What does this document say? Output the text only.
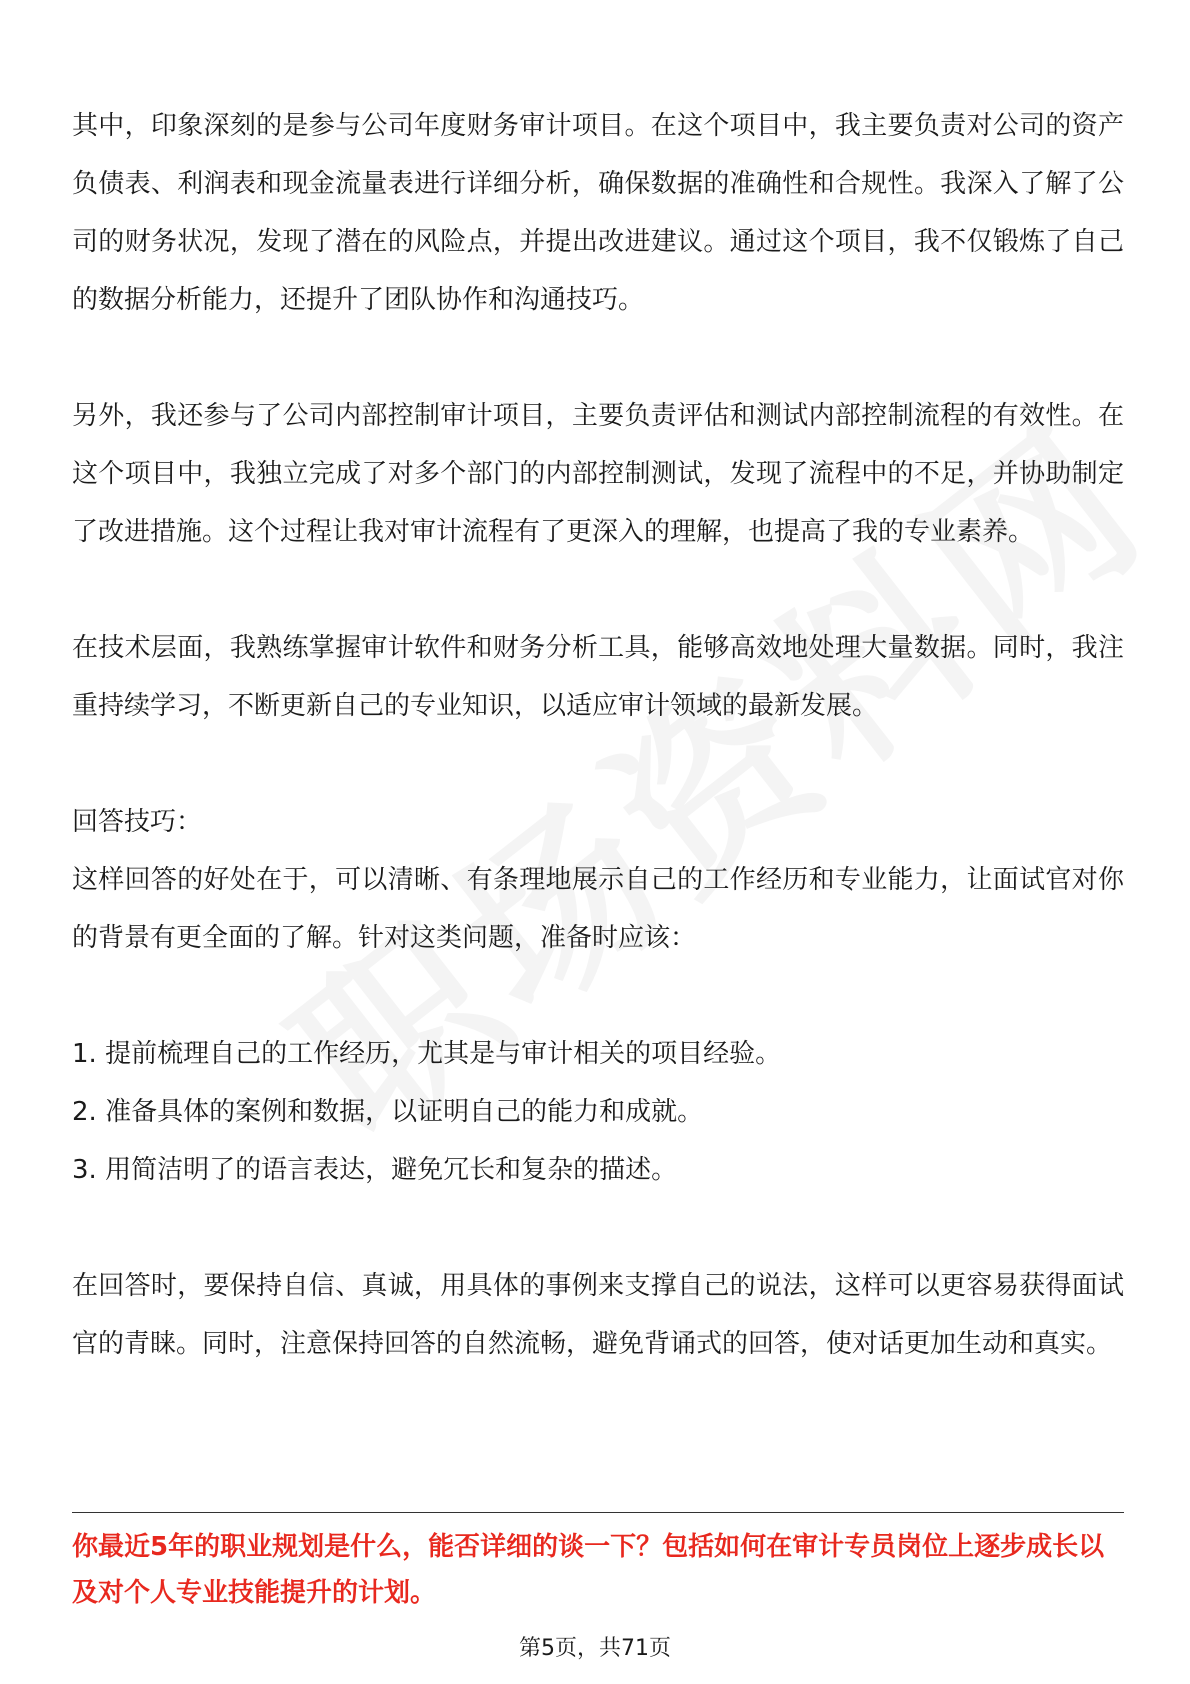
其中，印象深刻的是参与公司年度财务审计项目。在这个项目中，我主要负责对公司的资产负债表、利润表和现金流量表进行详细分析，确保数据的准确性和合规性。我深入了解了公司的财务状况，发现了潜在的风险点，并提出改进建议。通过这个项目，我不仅锻炼了自己的数据分析能力，还提升了团队协作和沟通技巧。

另外，我还参与了公司内部控制审计项目，主要负责评估和测试内部控制流程的有效性。在这个项目中，我独立完成了对多个部门的内部控制测试，发现了流程中的不足，并协助制定了改进措施。这个过程让我对审计流程有了更深入的理解，也提高了我的专业素养。

在技术层面，我熟练掌握审计软件和财务分析工具，能够高效地处理大量数据。同时，我注重持续学习，不断更新自己的专业知识，以适应审计领域的最新发展。

回答技巧：

这样回答的好处在于，可以清晰、有条理地展示自己的工作经历和专业能力，让面试官对你的背景有更全面的了解。针对这类问题，准备时应该：

1. 提前梳理自己的工作经历，尤其是与审计相关的项目经验。
2. 准备具体的案例和数据，以证明自己的能力和成就。
3. 用简洁明了的语言表达，避免冗长和复杂的描述。

在回答时，要保持自信、真诚，用具体的事例来支撑自己的说法，这样可以更容易获得面试官的青睐。同时，注意保持回答的自然流畅，避免背诵式的回答，使对话更加生动和真实。

你最近5年的职业规划是什么，能否详细的谈一下？包括如何在审计专员岗位上逐步成长以及对个人专业技能提升的计划。

第5页，共71页
